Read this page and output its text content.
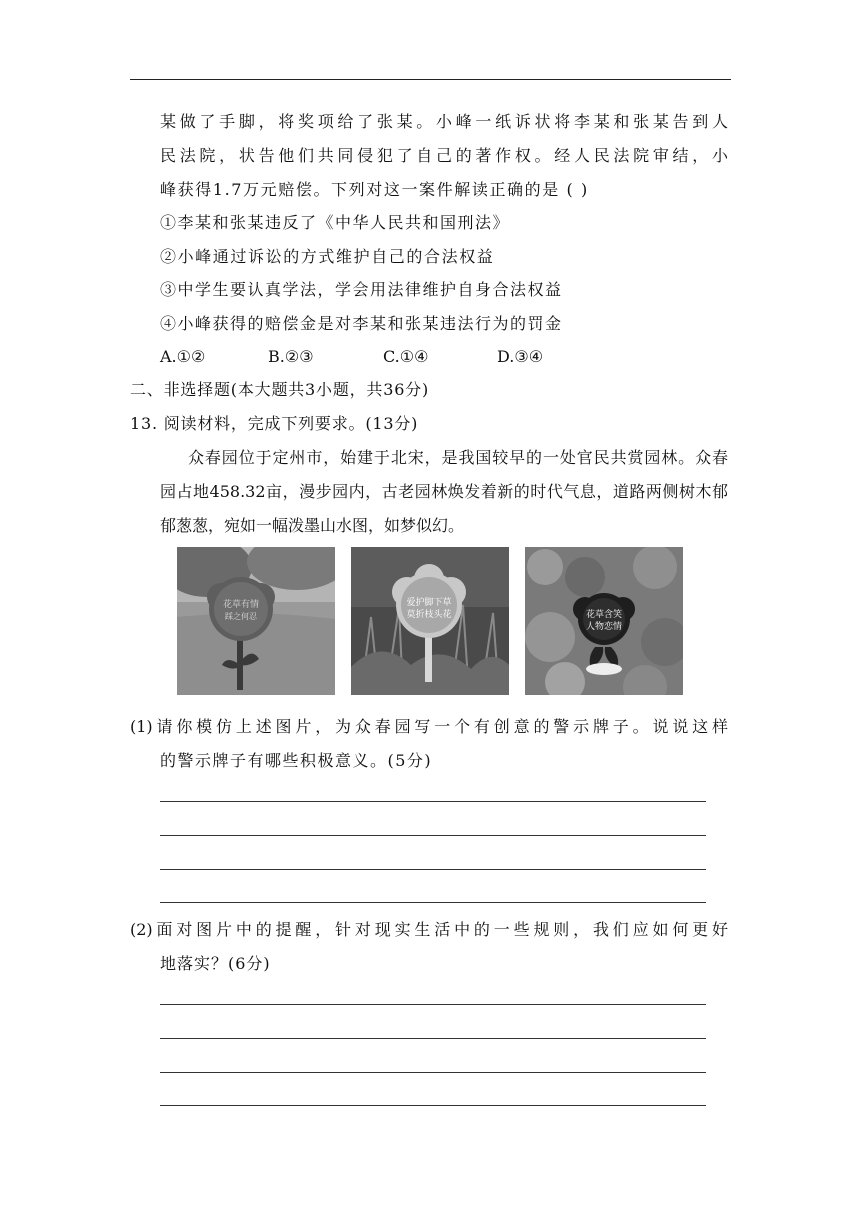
某做了手脚，将奖项给了张某。小峰一纸诉状将李某和张某告到人
民法院，状告他们共同侵犯了自己的著作权。经人民法院审结，小
峰获得1.7万元赔偿。下列对这一案件解读正确的是 ( )
①李某和张某违反了《中华人民共和国刑法》
②小峰通过诉讼的方式维护自己的合法权益
③中学生要认真学法，学会用法律维护自身合法权益
④小峰获得的赔偿金是对李某和张某违法行为的罚金
A.①②	B.②③	C.①④	D.③④
二、非选择题(本大题共3小题，共36分)
13. 阅读材料，完成下列要求。(13分)
众春园位于定州市，始建于北宋，是我国较早的一处官民共赏园林。众春
园占地458.32亩，漫步园内，古老园林焕发着新的时代气息，道路两侧树木郁
郁葱葱，宛如一幅泼墨山水图，如梦似幻。
花草有情
踩之何忍
爱护脚下草
莫折枝头花	花草含笑
人物恋情
(1)请你模仿上述图片，为众春园写一个有创意的警示牌子。说说这样
的警示牌子有哪些积极意义。(5分)
(2)面对图片中的提醒，针对现实生活中的一些规则，我们应如何更好
地落实？(6分)
